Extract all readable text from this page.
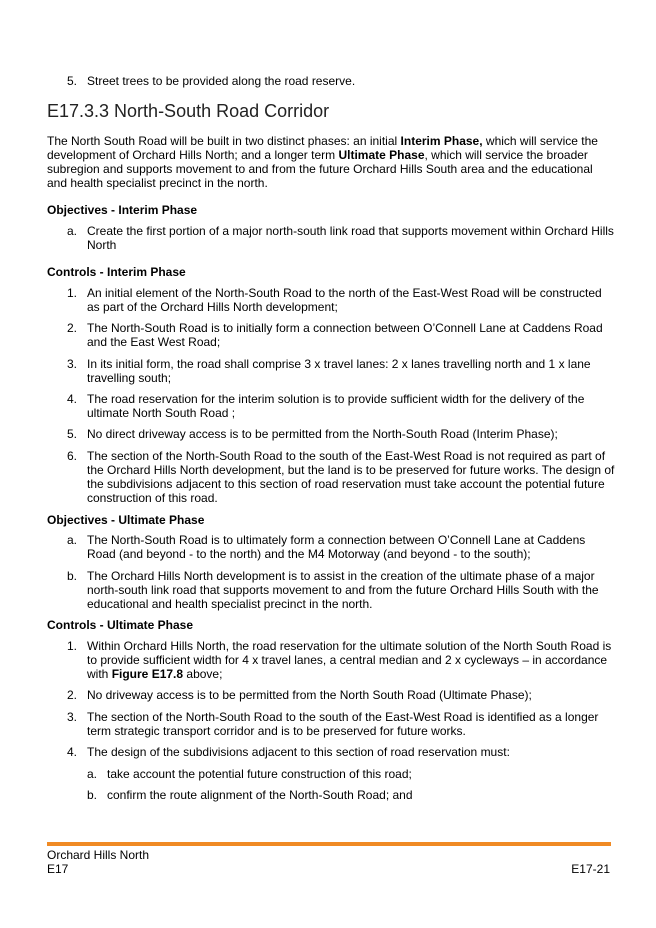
5. Street trees to be provided along the road reserve.
E17.3.3 North-South Road Corridor
The North South Road will be built in two distinct phases: an initial Interim Phase, which will service the development of Orchard Hills North; and a longer term Ultimate Phase, which will service the broader subregion and supports movement to and from the future Orchard Hills South area and the educational and health specialist precinct in the north.
Objectives - Interim Phase
a. Create the first portion of a major north-south link road that supports movement within Orchard Hills North
Controls - Interim Phase
1. An initial element of the North-South Road to the north of the East-West Road will be constructed as part of the Orchard Hills North development;
2. The North-South Road is to initially form a connection between O’Connell Lane at Caddens Road and the East West Road;
3. In its initial form, the road shall comprise 3 x travel lanes: 2 x lanes travelling north and 1 x lane travelling south;
4. The road reservation for the interim solution is to provide sufficient width for the delivery of the ultimate North South Road ;
5. No direct driveway access is to be permitted from the North-South Road (Interim Phase);
6. The section of the North-South Road to the south of the East-West Road is not required as part of the Orchard Hills North development, but the land is to be preserved for future works. The design of the subdivisions adjacent to this section of road reservation must take account the potential future construction of this road.
Objectives - Ultimate Phase
a. The North-South Road is to ultimately form a connection between O’Connell Lane at Caddens Road (and beyond - to the north) and the M4 Motorway (and beyond - to the south);
b. The Orchard Hills North development is to assist in the creation of the ultimate phase of a major north-south link road that supports movement to and from the future Orchard Hills South with the educational and health specialist precinct in the north.
Controls - Ultimate Phase
1. Within Orchard Hills North, the road reservation for the ultimate solution of the North South Road is to provide sufficient width for 4 x travel lanes, a central median and 2 x cycleways – in accordance with Figure E17.8 above;
2. No driveway access is to be permitted from the North South Road (Ultimate Phase);
3. The section of the North-South Road to the south of the East-West Road is identified as a longer term strategic transport corridor and is to be preserved for future works.
4. The design of the subdivisions adjacent to this section of road reservation must:
a. take account the potential future construction of this road;
b. confirm the route alignment of the North-South Road; and
Orchard Hills North
E17	E17-21
